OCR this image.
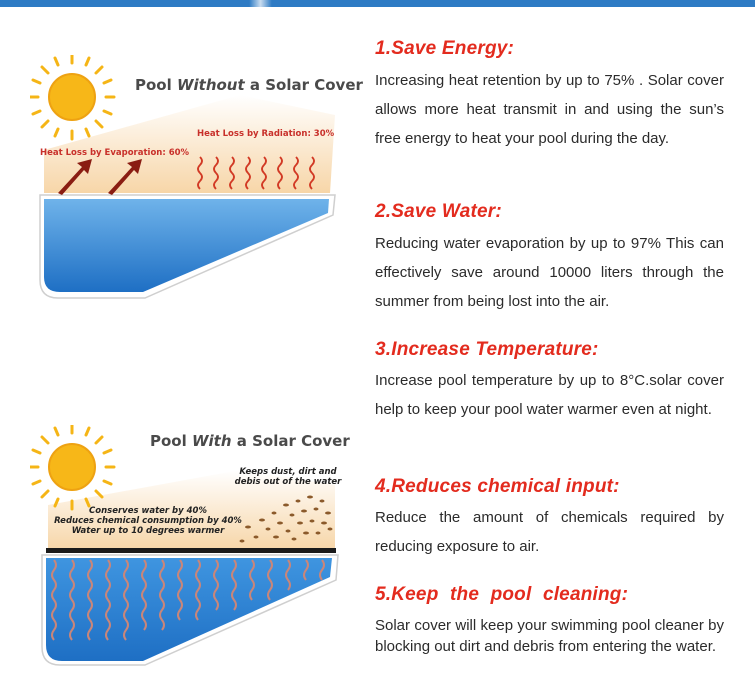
Pool Without a Solar Cover
Heat Loss by Evaporation: 60%
Heat Loss by Radiation: 30%
Pool With a Solar Cover
Keeps dust, dirt and
debis out of the water
Conserves water by 40%
Reduces chemical consumption by 40%
Water up to 10 degrees warmer
1.Save Energy:

Increasing heat retention by up to 75% . Solar cover allows more heat transmit in and using the sun’s free energy to heat your pool during the day.

2.Save Water:

Reducing water evaporation by up to 97% This can effectively save around 10000 liters through the summer from being lost into the air.

3.Increase Temperature:

Increase pool temperature by up to 8°C.solar cover help to keep your pool water warmer even at night.

4.Reduces chemical input:

Reduce the amount of chemicals required by reducing exposure to air.

5.Keep the pool cleaning:

Solar cover will keep your swimming pool cleaner by blocking out dirt and debris from entering the water.
